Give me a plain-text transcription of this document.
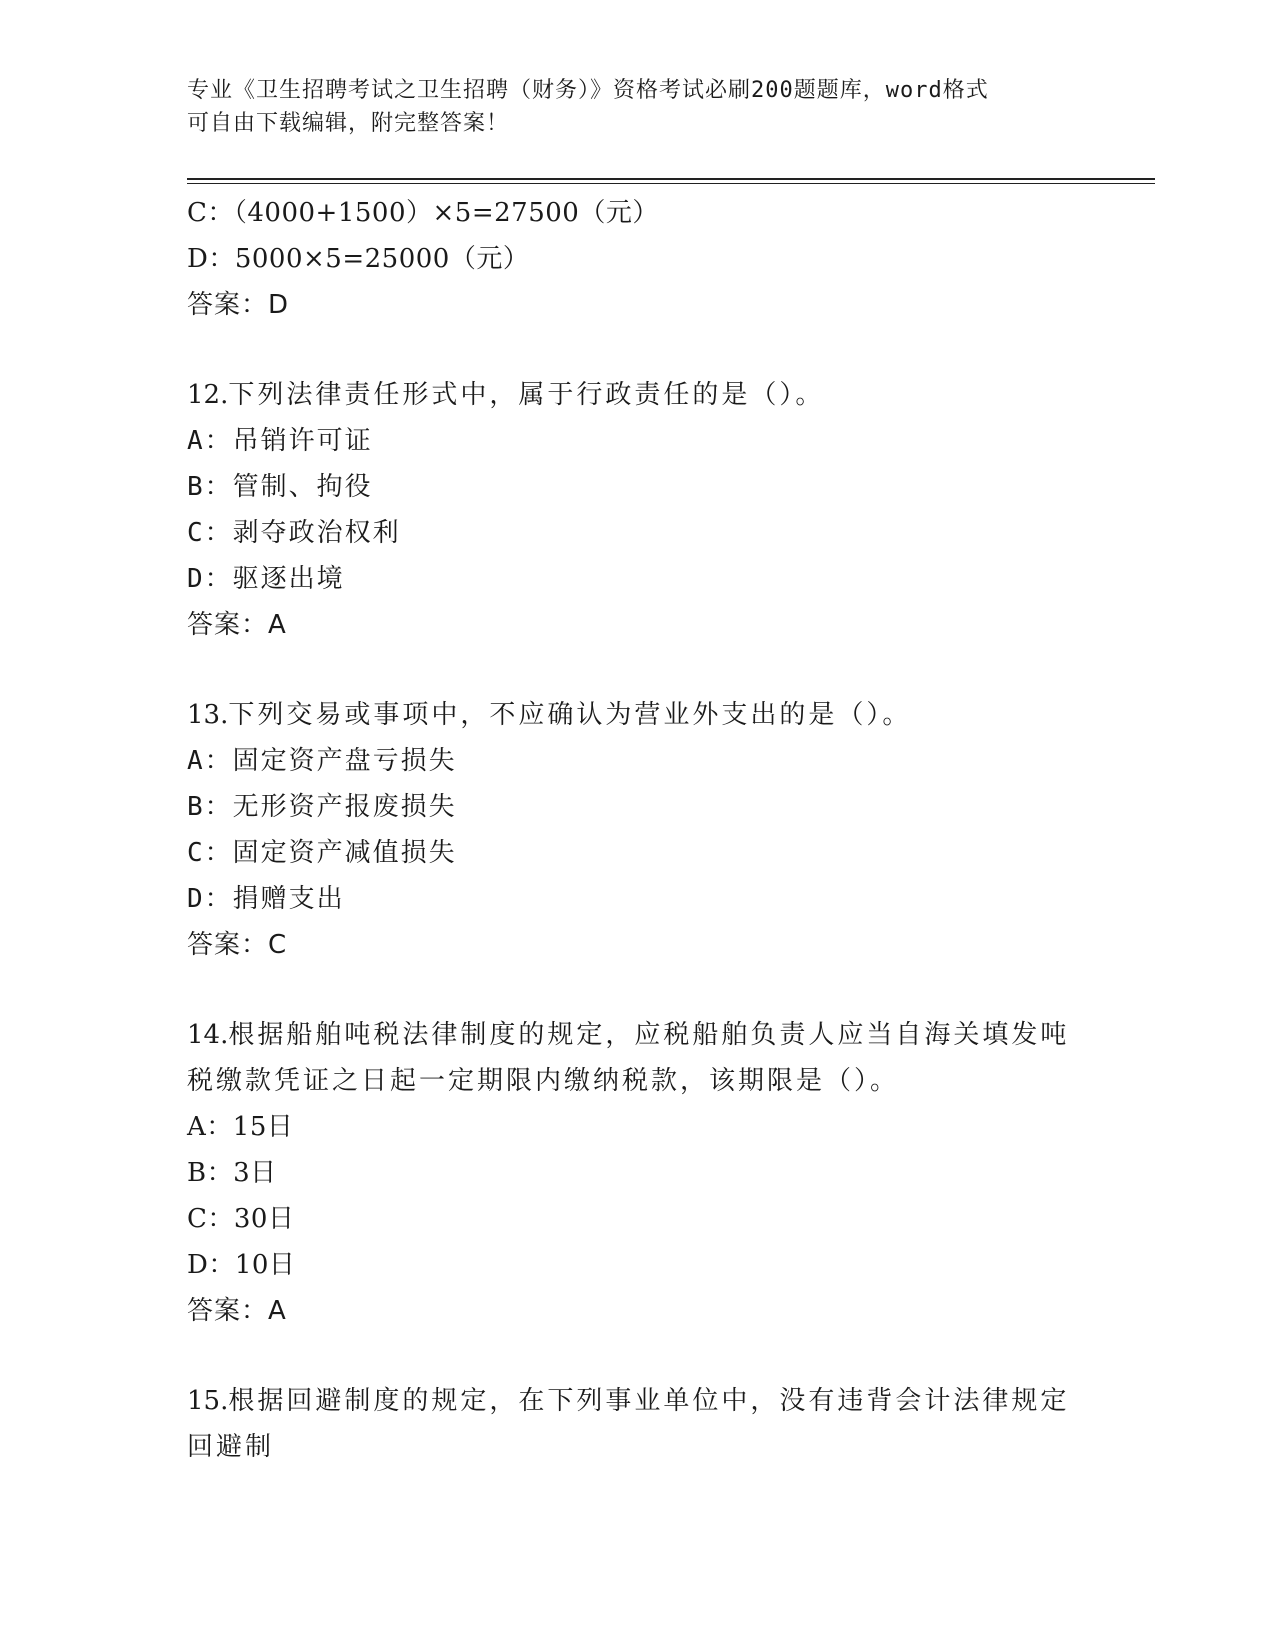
专业《卫生招聘考试之卫生招聘（财务）》资格考试必刷200题题库，word格式
可自由下载编辑，附完整答案！
C：（4000+1500）×5=27500（元）
D：5000×5=25000（元）
答案：D
12.下列法律责任形式中，属于行政责任的是（）。
A：吊销许可证
B：管制、拘役
C：剥夺政治权利
D：驱逐出境
答案：A
13.下列交易或事项中，不应确认为营业外支出的是（）。
A：固定资产盘亏损失
B：无形资产报废损失
C：固定资产减值损失
D：捐赠支出
答案：C
14.根据船舶吨税法律制度的规定，应税船舶负责人应当自海关填发吨
税缴款凭证之日起一定期限内缴纳税款，该期限是（）。
A：15日
B：3日
C：30日
D：10日
答案：A
15.根据回避制度的规定，在下列事业单位中，没有违背会计法律规定
回避制
